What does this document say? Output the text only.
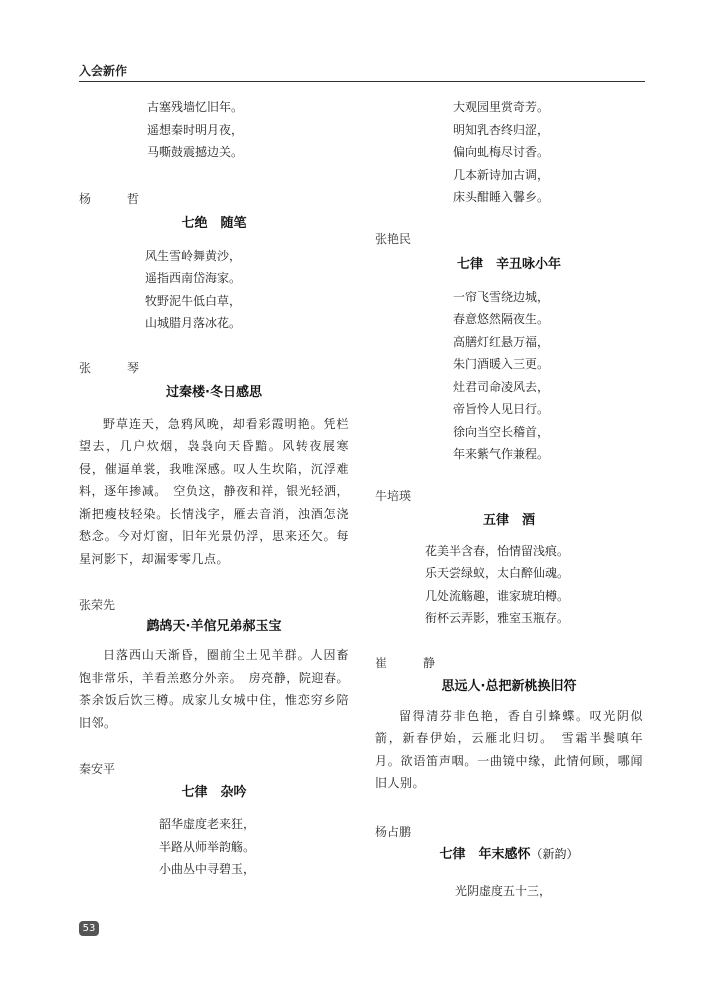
入会新作
古塞残墙忆旧年。
遥想秦时明月夜，
马嘶鼓震撼边关。
杨　哲
七绝　随笔
风生雪岭舞黄沙，
遥指西南岱海家。
牧野泥牛低白草，
山城腊月落冰花。
张　琴
过秦楼·冬日感思

野草连天，急鸦风晚，却看彩霞明艳。凭栏望去，几户炊烟，袅袅向天昏黯。风转夜展寒侵，催逼单裳，我唯深感。叹人生坎陷，沉浮难料，逐年掺减。　空负这，静夜和祥，银光轻洒，渐把瘦枝轻染。长情浅字，雁去音消，浊酒怎浇愁念。今对灯窗，旧年光景仍浮，思来还欠。每星河影下，却漏零零几点。

张荣先
鹧鸪天·羊倌兄弟郝玉宝

日落西山天渐昏，圈前尘土见羊群。人因畜饱非常乐，羊看羔憨分外亲。　房亮静，院迎春。茶余饭后饮三樽。成家儿女城中住，惟恋穷乡陪旧邻。

秦安平
七律　杂吟
韶华虚度老来狂，
半路从师举韵觞。
小曲丛中寻碧玉，
大观园里赏奇芳。
明知乳杏终归涩，
偏向虬梅尽讨香。
几本新诗加古调，
床头酣睡入馨乡。
张艳民
七律　辛丑咏小年
一帘飞雪绕边城，
春意悠然隔夜生。
高膳灯红悬万福，
朱门酒暖入三更。
灶君司命凌风去，
帝旨怜人见日行。
徐向当空长稽首，
年来紫气作兼程。
牛培瑛
五律　酒
花美半含春，怡情留浅痕。
乐天尝绿蚁，太白醉仙魂。
几处流觞趣，谁家琥珀樽。
衔杯云弄影，雅室玉瓶存。
崔　静
思远人·总把新桃换旧符

留得清芬非色艳，香自引蜂蝶。叹光阴似箭，新春伊始，云雁北归切。　雪霜半鬓嗔年月。欲语笛声咽。一曲镜中缘，此情何顾，哪闻旧人别。

杨占鹏
七律　年末感怀（新韵）
光阴虚度五十三，
53
